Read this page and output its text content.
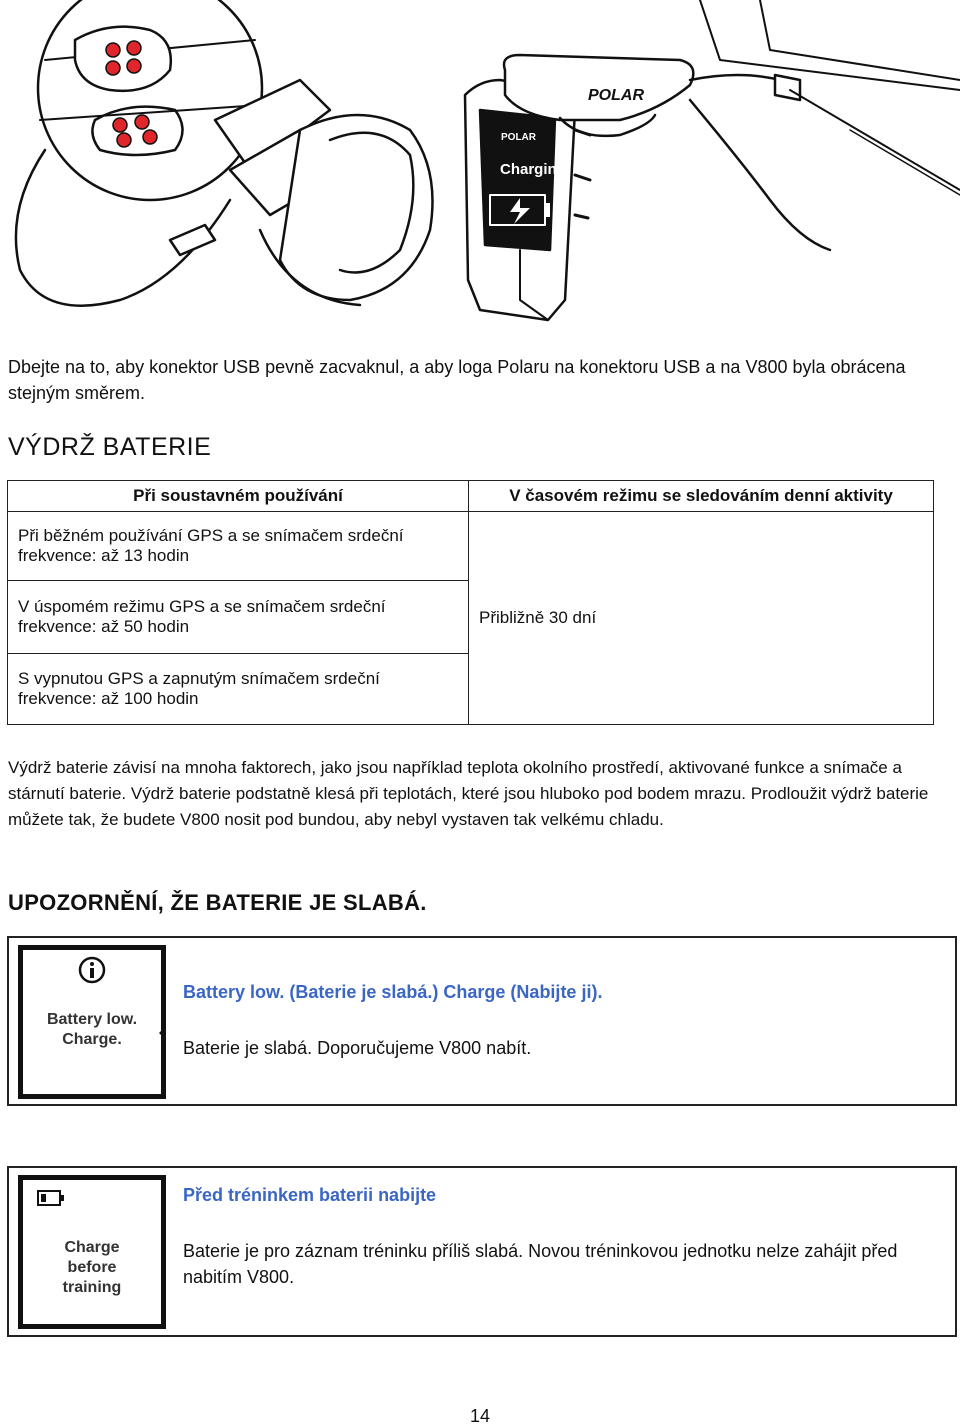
POLAR
POLAR
Charging
Dbejte na to, aby konektor USB pevně zacvaknul, a aby loga Polaru na konektoru USB a na V800 byla obrácena stejným směrem.
VÝDRŽ BATERIE
Při soustavném používání	V časovém režimu se sledováním denní aktivity
Při běžném používání GPS a se snímačem srdeční frekvence: až 13 hodin	Přibližně 30 dní
V úspomém režimu GPS a se snímačem srdeční frekvence: až 50 hodin	
S vypnutou GPS a zapnutým snímačem srdeční frekvence: až 100 hodin	
Výdrž baterie závisí na mnoha faktorech, jako jsou například teplota okolního prostředí, aktivované funkce a snímače a stárnutí baterie. Výdrž baterie podstatně klesá při teplotách, které jsou hluboko pod bodem mrazu. Prodloužit výdrž baterie můžete tak, že budete V800 nosit pod bundou, aby nebyl vystaven tak velkému chladu.
UPOZORNĚNÍ, ŽE BATERIE JE SLABÁ.
Battery low. Charge.
Battery low. (Baterie je slabá.) Charge (Nabijte ji).
Baterie je slabá. Doporučujeme V800 nabít.
Charge before training
Před tréninkem baterii nabijte
Baterie je pro záznam tréninku příliš slabá. Novou tréninkovou jednotku nelze zahájit před nabitím V800.
14
